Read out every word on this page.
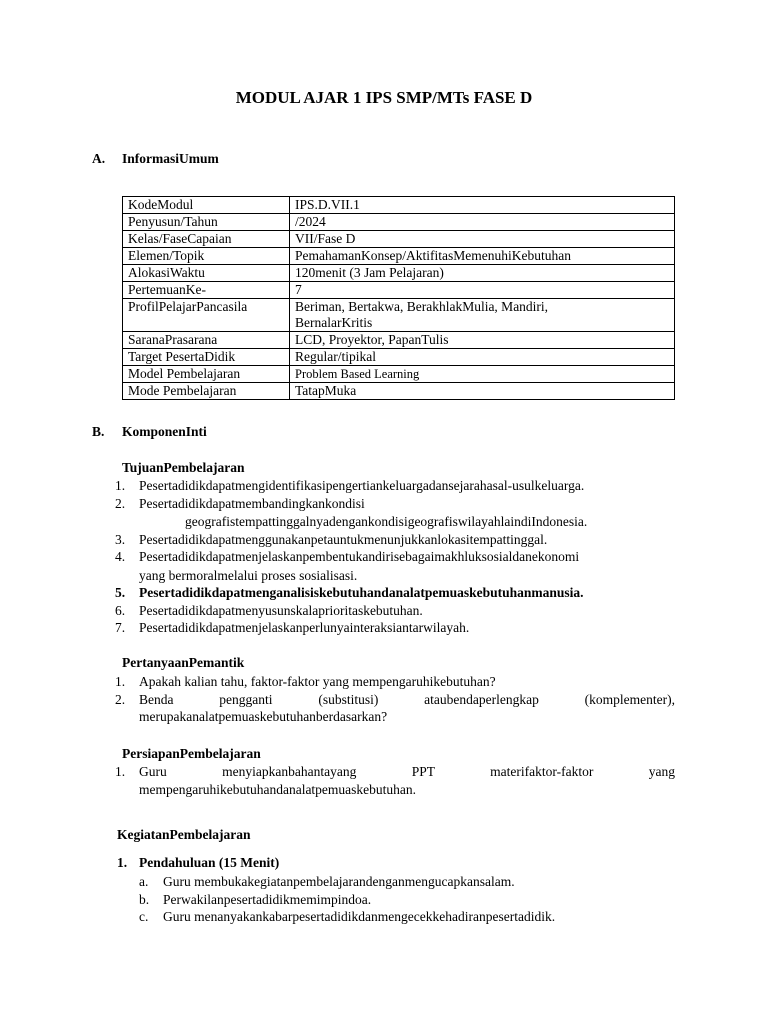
MODUL AJAR 1 IPS SMP/MTs FASE D
A. InformasiUmum
KodeModul	IPS.D.VII.1
Penyusun/Tahun	/2024
Kelas/FaseCapaian	VII/Fase D
Elemen/Topik	PemahamanKonsep/AktifitasMemenuhiKebutuhan
AlokasiWaktu	120menit (3 Jam Pelajaran)
PertemuanKe-	7
ProfilPelajarPancasila	Beriman, Bertakwa, BerakhlakMulia, Mandiri,
BernalarKritis

SaranaPrasarana	LCD, Proyektor, PapanTulis
Target PesertaDidik	Regular/tipikal
Model Pembelajaran	Problem Based Learning
Mode Pembelajaran	TatapMuka
B. KomponenInti
TujuanPembelajaran
1. Pesertadidikdapatmengidentifikasipengertiankeluargadansejarahasal-usulkeluarga.
2. Pesertadidikdapatmembandingkankondisi
geografistempattinggalnyadengankondisigeografiswilayahlaindiIndonesia.
3. Pesertadidikdapatmenggunakanpetauntukmenunjukkanlokasitempattinggal.
4. Pesertadidikdapatmenjelaskanpembentukandirisebagaimakhluksosialdanekonomi
yang bermoralmelalui proses sosialisasi.
5. Pesertadidikdapatmenganalisiskebutuhandanalatpemuaskebutuhanmanusia.
6. Pesertadidikdapatmenyusunskalaprioritaskebutuhan.
7. Pesertadidikdapatmenjelaskanperlunyainteraksiantarwilayah.
PertanyaanPemantik
1. Apakah kalian tahu, faktor-faktor yang mempengaruhikebutuhan?
2. Benda pengganti (substitusi) ataubendaperlengkap (komplementer),
merupakanalatpemuaskebutuhanberdasarkan?
PersiapanPembelajaran
1. Guru menyiapkanbahantayang PPT materifaktor-faktor yang
mempengaruhikebutuhandanalatpemuaskebutuhan.
KegiatanPembelajaran
1. Pendahuluan (15 Menit)
a. Guru membukakegiatanpembelajarandenganmengucapkansalam.
b. Perwakilanpesertadidikmemimpindoa.
c. Guru menanyakankabarpesertadidikdanmengecekkehadiranpesertadidik.
